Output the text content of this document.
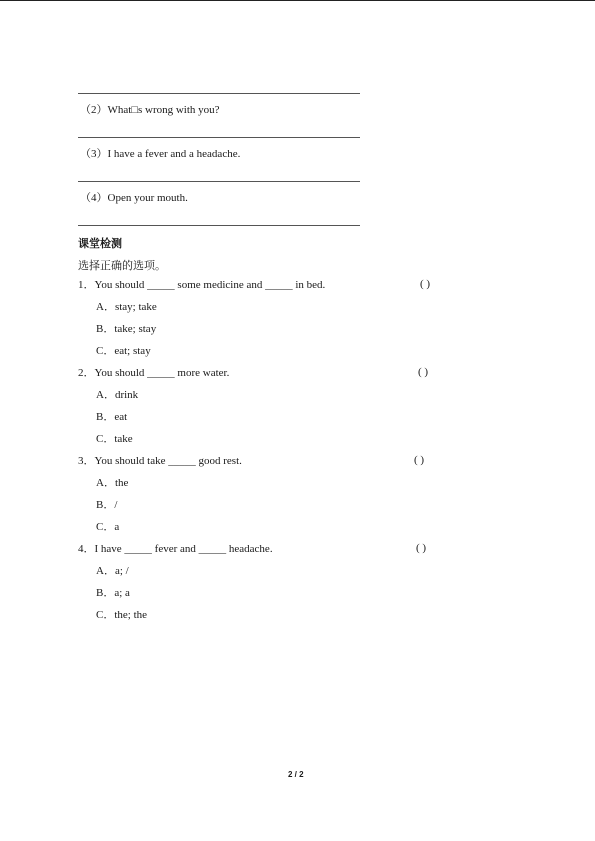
（2）What□s wrong with you?
（3）I have a fever and a headache.
（4）Open your mouth.
课堂检测
选择正确的选项。
1．You should _____ some medicine and _____ in bed.	( )
A．stay; take
B．take; stay
C．eat; stay
2．You should _____ more water.	( )
A．drink
B．eat
C．take
3．You should take _____ good rest.	( )
A．the
B．/
C．a
4．I have _____ fever and _____ headache.	( )
A．a; /
B．a; a
C．the; the
2 / 2
